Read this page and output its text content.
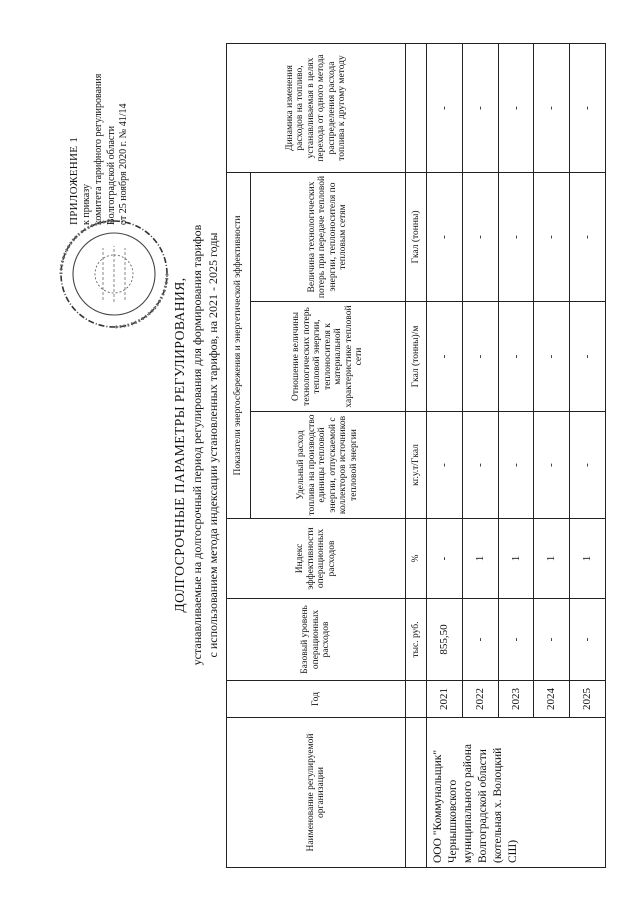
ПРИЛОЖЕНИЕ 1 к приказу комитета тарифного регулирования Волгоградской области от 25 ноября 2020 г. № 41/14
ДОЛГОСРОЧНЫЕ ПАРАМЕТРЫ РЕГУЛИРОВАНИЯ, устанавливаемые на долгосрочный период регулирования для формирования тарифов с использованием метода индексации установленных тарифов, на 2021 - 2025 годы
Наименование регулируемой организации	Год	Базовый уровень операционных расходов	Индекс эффективности операционных расходов	Показатели энергосбережения и энергетической эффективности			Динамика изменения расходов на топливо, устанавливаемая в целях перехода от одного метода распределения расхода топлива к другому методу
				Удельный расход топлива на производство единицы тепловой энергии, отпускаемой с коллекторов источников тепловой энергии	Отношение величины технологических потерь тепловой энергии, теплоносителя к материальной характеристике тепловой сети	Величина технологических потерь при передаче тепловой энергии, теплоносителя по тепловым сетям	
		тыс. руб.	%	кг.у.т/Гкал	Гкал (тонны)/м	Гкал (тонны)	
ООО "Коммунальщик" Чернышковского муниципального района Волгоградской области (котельная х. Волоцкий СШ)	2021	855,50	-	-	-	-	-
	2022	-	1	-	-	-	-
	2023	-	1	-	-	-	-
	2024	-	1	-	-	-	-
	2025	-	1	-	-	-	-
